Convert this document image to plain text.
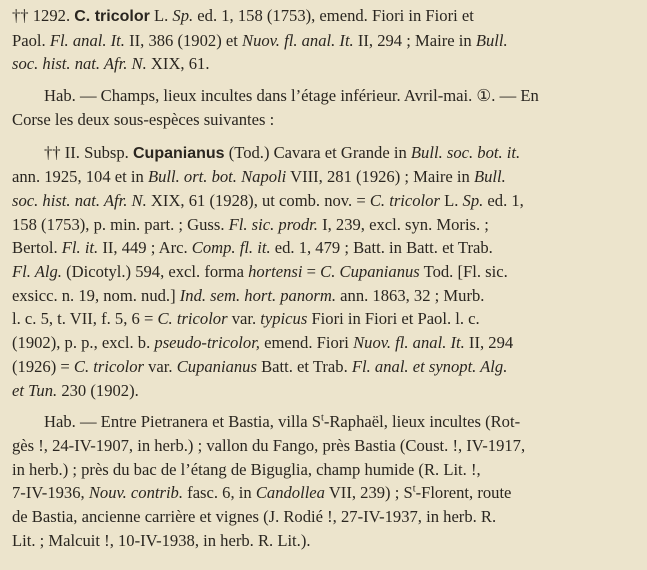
†† 1292. C. tricolor L. Sp. ed. 1, 158 (1753), emend. Fiori in Fiori et
Paol. Fl. anal. It. II, 386 (1902) et Nuov. fl. anal. It. II, 294 ; Maire in Bull.
soc. hist. nat. Afr. N. XIX, 61.
Hab. — Champs, lieux incultes dans l’étage inférieur. Avril-mai. ①. — En
Corse les deux sous-espèces suivantes :
†† II. Subsp. Cupanianus (Tod.) Cavara et Grande in Bull. soc. bot. it.
ann. 1925, 104 et in Bull. ort. bot. Napoli VIII, 281 (1926) ; Maire in Bull.
soc. hist. nat. Afr. N. XIX, 61 (1928), ut comb. nov. = C. tricolor L. Sp. ed. 1,
158 (1753), p. min. part. ; Guss. Fl. sic. prodr. I, 239, excl. syn. Moris. ;
Bertol. Fl. it. II, 449 ; Arc. Comp. fl. it. ed. 1, 479 ; Batt. in Batt. et Trab.
Fl. Alg. (Dicotyl.) 594, excl. forma hortensi = C. Cupanianus Tod. [Fl. sic.
exsicc. n. 19, nom. nud.] Ind. sem. hort. panorm. ann. 1863, 32 ; Murb.
l. c. 5, t. VII, f. 5, 6 = C. tricolor var. typicus Fiori in Fiori et Paol. l. c.
(1902), p. p., excl. b. pseudo-tricolor, emend. Fiori Nuov. fl. anal. It. II, 294
(1926) = C. tricolor var. Cupanianus Batt. et Trab. Fl. anal. et synopt. Alg.
et Tun. 230 (1902).
Hab. — Entre Pietranera et Bastia, villa $S^t$-Raphaël, lieux incultes (Rot-
gès !, 24-IV-1907, in herb.) ; vallon du Fango, près Bastia (Coust. !, IV-1917,
in herb.) ; près du bac de l’étang de Biguglia, champ humide (R. Lit. !,
7-IV-1936, Nouv. contrib. fasc. 6, in Candollea VII, 239) ; $S^t$-Florent, route
de Bastia, ancienne carrière et vignes (J. Rodié !, 27-IV-1937, in herb. R.
Lit. ; Malcuit !, 10-IV-1938, in herb. R. Lit.).
